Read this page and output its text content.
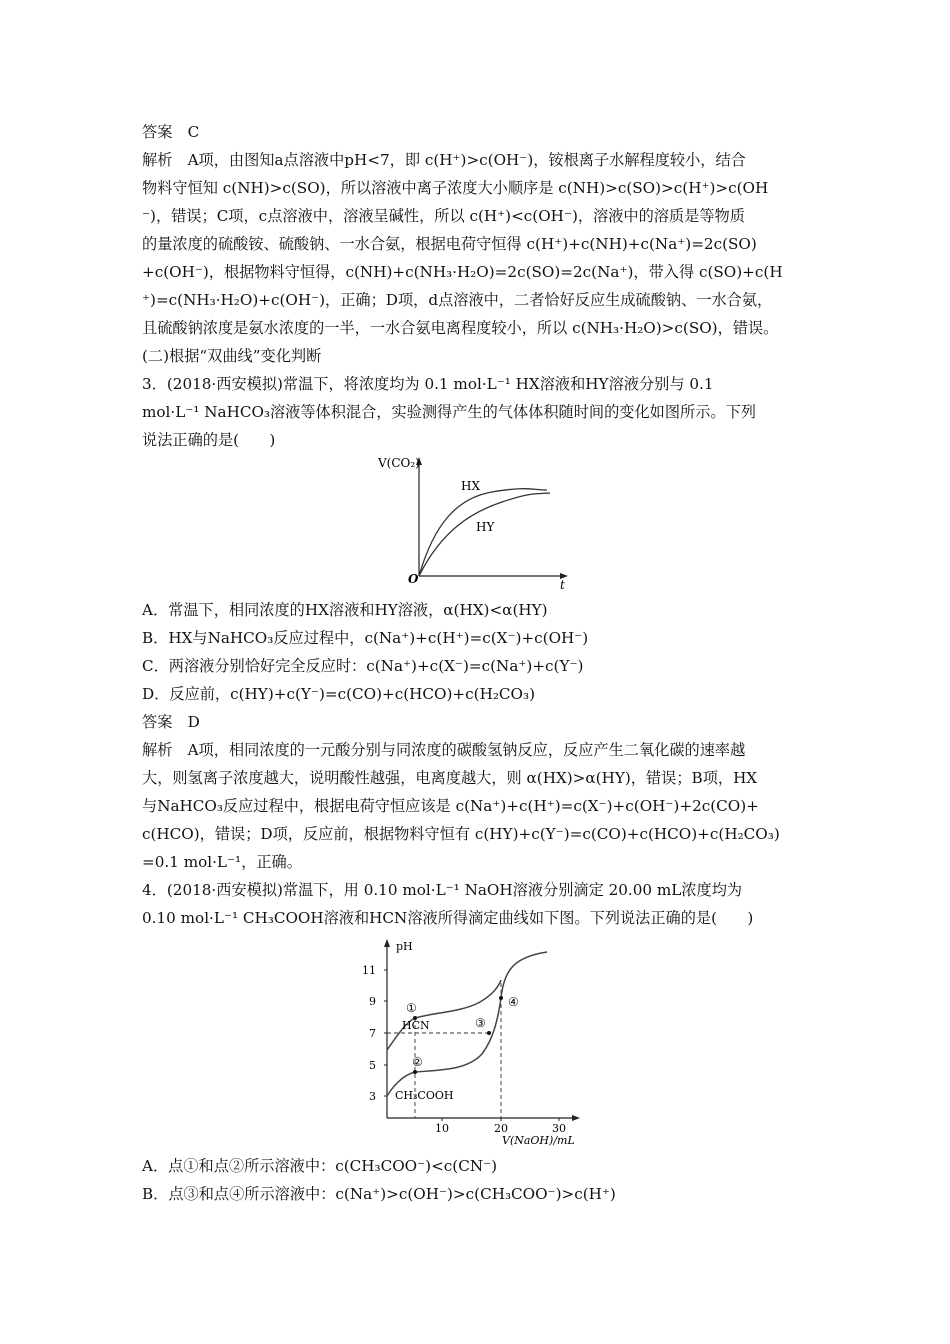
答案　C
解析　A项，由图知a点溶液中pH<7，即 c(H⁺)>c(OH⁻)，铵根离子水解程度较小，结合
物料守恒知 c(NH)>c(SO)，所以溶液中离子浓度大小顺序是 c(NH)>c(SO)>c(H⁺)>c(OH
⁻)，错误；C项，c点溶液中，溶液呈碱性，所以 c(H⁺)<c(OH⁻)，溶液中的溶质是等物质
的量浓度的硫酸铵、硫酸钠、一水合氨，根据电荷守恒得 c(H⁺)+c(NH)+c(Na⁺)=2c(SO)
+c(OH⁻)，根据物料守恒得，c(NH)+c(NH₃·H₂O)=2c(SO)=2c(Na⁺)，带入得 c(SO)+c(H
⁺)=c(NH₃·H₂O)+c(OH⁻)，正确；D项，d点溶液中，二者恰好反应生成硫酸钠、一水合氨，
且硫酸钠浓度是氨水浓度的一半，一水合氨电离程度较小，所以 c(NH₃·H₂O)>c(SO)，错误。
(二)根据“双曲线”变化判断
3．(2018·西安模拟)常温下，将浓度均为 0.1 mol·L⁻¹ HX溶液和HY溶液分别与 0.1
mol·L⁻¹ NaHCO₃溶液等体积混合，实验测得产生的气体体积随时间的变化如图所示。下列
说法正确的是(　　)
V(CO₂)
t
O
HX
HY
A．常温下，相同浓度的HX溶液和HY溶液，α(HX)<α(HY)
B．HX与NaHCO₃反应过程中，c(Na⁺)+c(H⁺)=c(X⁻)+c(OH⁻)
C．两溶液分别恰好完全反应时：c(Na⁺)+c(X⁻)=c(Na⁺)+c(Y⁻)
D．反应前，c(HY)+c(Y⁻)=c(CO)+c(HCO)+c(H₂CO₃)
答案　D
解析　A项，相同浓度的一元酸分别与同浓度的碳酸氢钠反应，反应产生二氧化碳的速率越
大，则氢离子浓度越大，说明酸性越强，电离度越大，则 α(HX)>α(HY)，错误；B项，HX
与NaHCO₃反应过程中，根据电荷守恒应该是 c(Na⁺)+c(H⁺)=c(X⁻)+c(OH⁻)+2c(CO)+
c(HCO)，错误；D项，反应前，根据物料守恒有 c(HY)+c(Y⁻)=c(CO)+c(HCO)+c(H₂CO₃)
=0.1 mol·L⁻¹，正确。
4．(2018·西安模拟)常温下，用 0.10 mol·L⁻¹ NaOH溶液分别滴定 20.00 mL浓度均为
0.10 mol·L⁻¹ CH₃COOH溶液和HCN溶液所得滴定曲线如下图。下列说法正确的是(　　)
3
5
7
9
11
10	20	30
pH
V(NaOH)/mL
①
②
③
④
HCN
CH₃COOH
A．点①和点②所示溶液中：c(CH₃COO⁻)<c(CN⁻)
B．点③和点④所示溶液中：c(Na⁺)>c(OH⁻)>c(CH₃COO⁻)>c(H⁺)
